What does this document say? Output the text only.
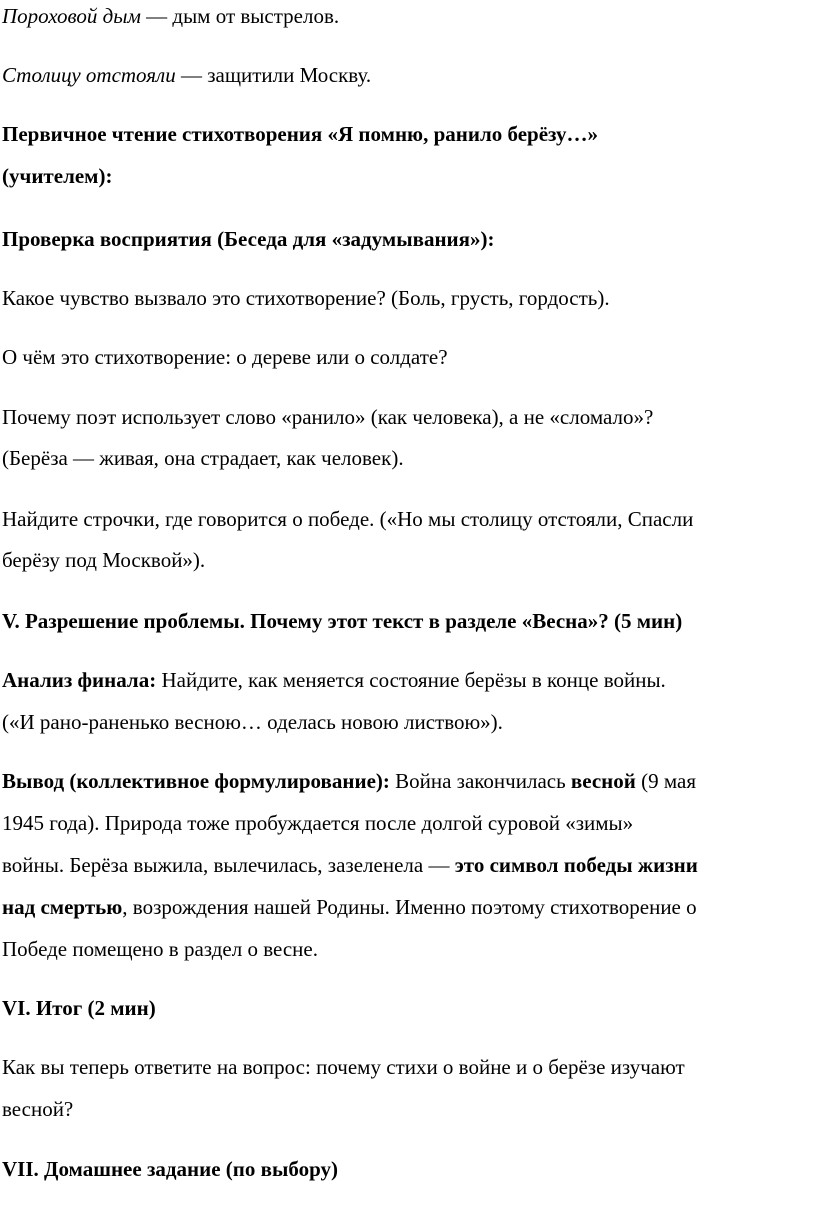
Пороховой дым — дым от выстрелов.
Столицу отстояли — защитили Москву.
Первичное чтение стихотворения «Я помню, ранило берёзу…»
(учителем):
Проверка восприятия (Беседа для «задумывания»):
Какое чувство вызвало это стихотворение? (Боль, грусть, гордость).
О чём это стихотворение: о дереве или о солдате?
Почему поэт использует слово «ранило» (как человека), а не «сломало»?
(Берёза — живая, она страдает, как человек).
Найдите строчки, где говорится о победе. («Но мы столицу отстояли, Спасли
берёзу под Москвой»).
V. Разрешение проблемы. Почему этот текст в разделе «Весна»? (5 мин)
Анализ финала: Найдите, как меняется состояние берёзы в конце войны.
(«И рано-раненько весною… оделась новою листвою»).
Вывод (коллективное формулирование): Война закончилась весной (9 мая
1945 года). Природа тоже пробуждается после долгой суровой «зимы»
войны. Берёза выжила, вылечилась, зазеленела — это символ победы жизни
над смертью, возрождения нашей Родины. Именно поэтому стихотворение о
Победе помещено в раздел о весне.
VI. Итог (2 мин)
Как вы теперь ответите на вопрос: почему стихи о войне и о берёзе изучают
весной?
VII. Домашнее задание (по выбору)
